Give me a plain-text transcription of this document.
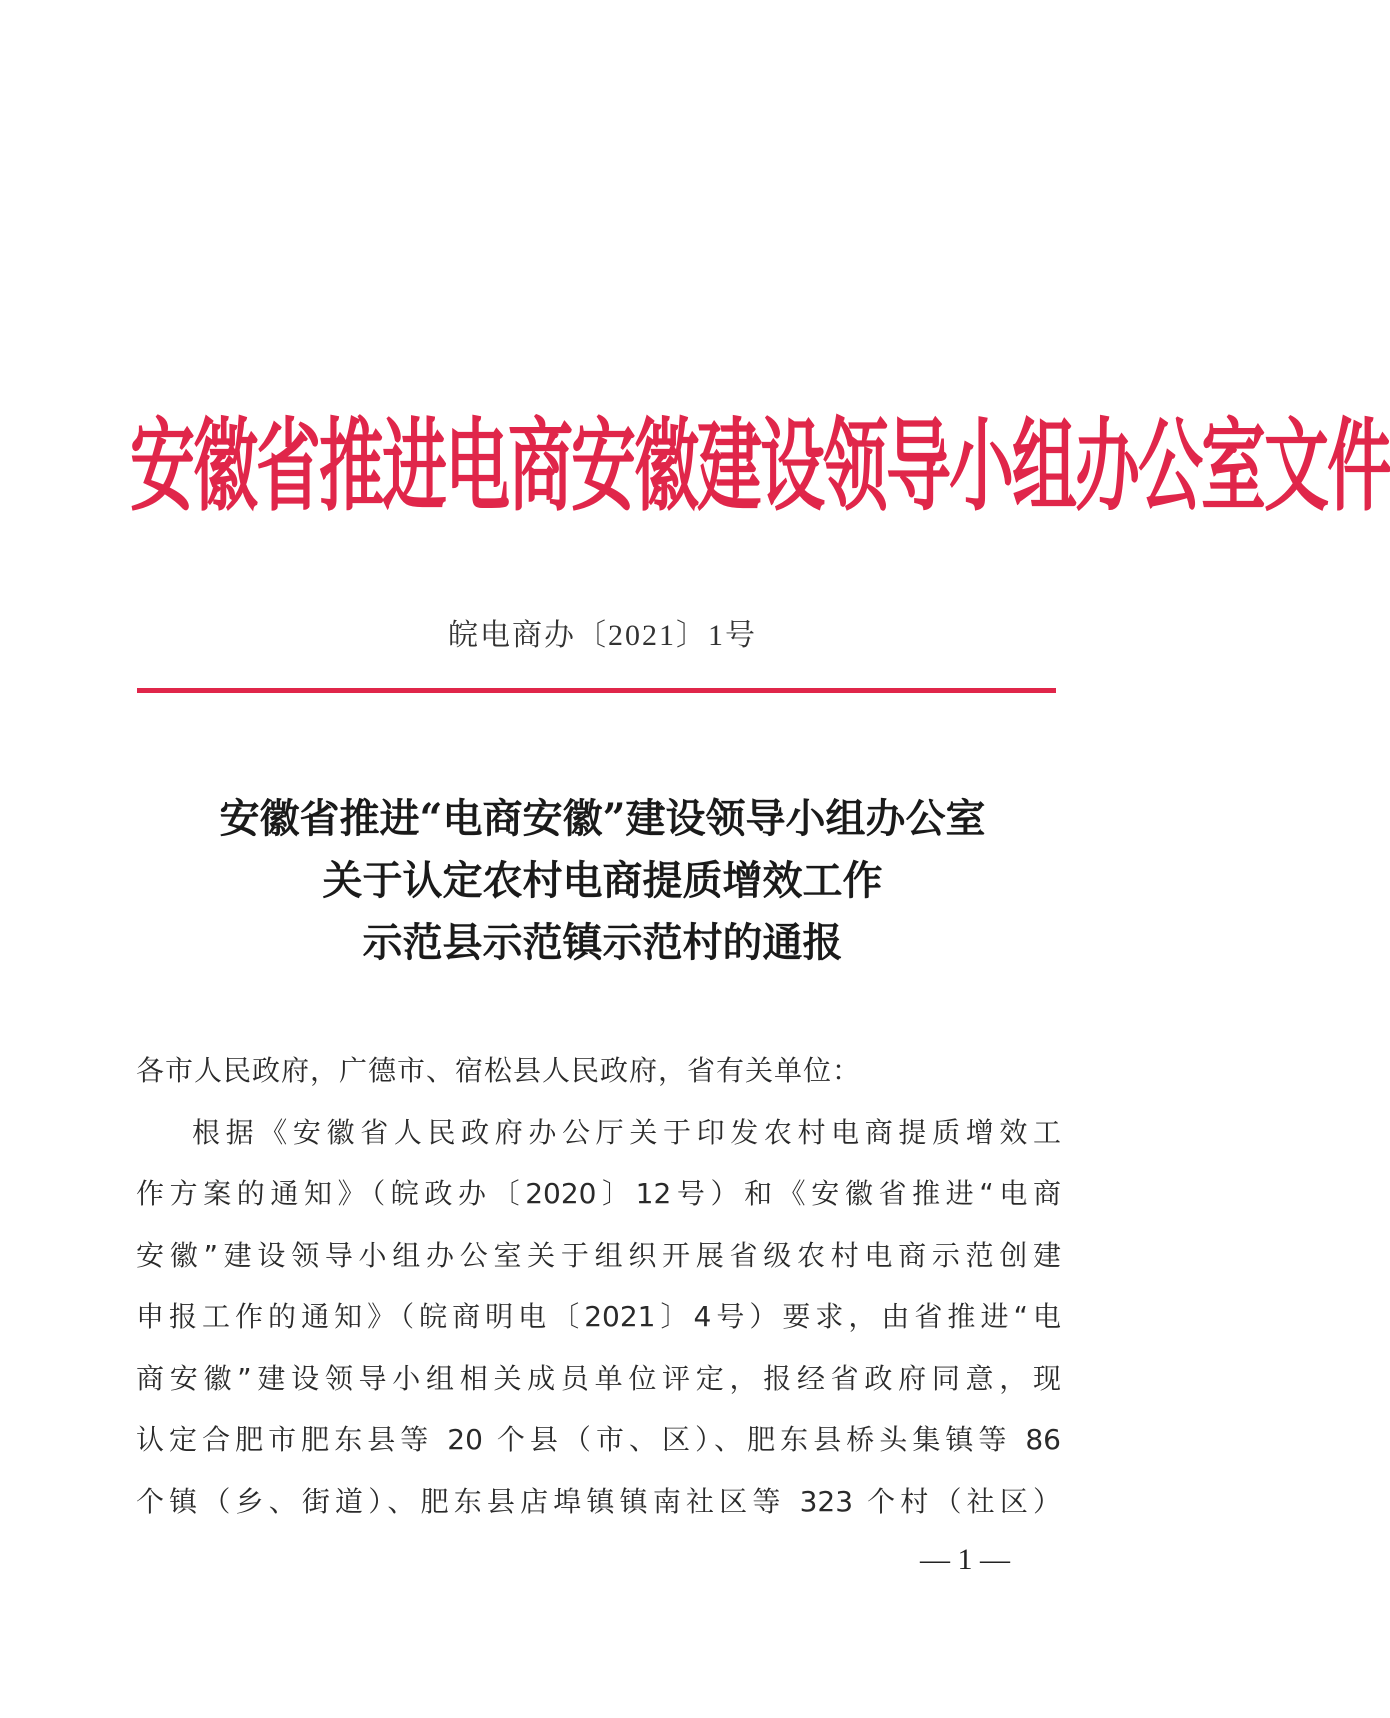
安徽省推进电商安徽建设领导小组办公室文件
皖电商办〔2021〕1号
安徽省推进“电商安徽”建设领导小组办公室
关于认定农村电商提质增效工作
示范县示范镇示范村的通报
各市人民政府，广德市、宿松县人民政府，省有关单位：
根据《安徽省人民政府办公厅关于印发农村电商提质增效工
作方案的通知》（皖政办〔2020〕12号）和《安徽省推进“电商
安徽”建设领导小组办公室关于组织开展省级农村电商示范创建
申报工作的通知》（皖商明电〔2021〕4号）要求，由省推进“电
商安徽”建设领导小组相关成员单位评定，报经省政府同意，现
认定合肥市肥东县等 20 个县（市、区）、肥东县桥头集镇等 86
个镇（乡、街道）、肥东县店埠镇镇南社区等 323 个村（社区）
— 1 —
